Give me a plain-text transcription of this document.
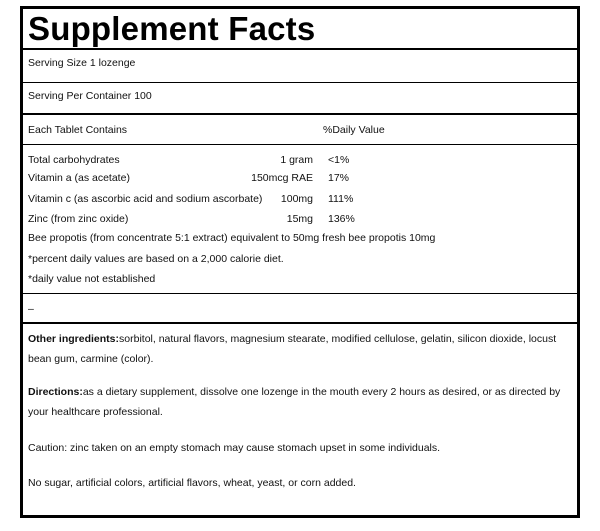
Supplement Facts
Serving Size 1 lozenge
Serving Per Container 100
Each Tablet Contains	%Daily Value
Total carbohydrates	1 gram <1%
Vitamin a (as acetate)	150mcg RAE 17%
Vitamin c (as ascorbic acid and sodium ascorbate) 100mg 111%
Zinc (from zinc oxide)	15mg 136%
Bee propotis (from concentrate 5:1 extract) equivalent to 50mg fresh bee propotis 10mg
*percent daily values are based on a 2,000 calorie diet.
*daily value not established
–
Other ingredients:sorbitol, natural flavors, magnesium stearate, modified cellulose, gelatin, silicon dioxide, locust bean gum, carmine (color).
Directions:as a dietary supplement, dissolve one lozenge in the mouth every 2 hours as desired, or as directed by your healthcare professional.
Caution: zinc taken on an empty stomach may cause stomach upset in some individuals.
No sugar, artificial colors, artificial flavors, wheat, yeast, or corn added.
